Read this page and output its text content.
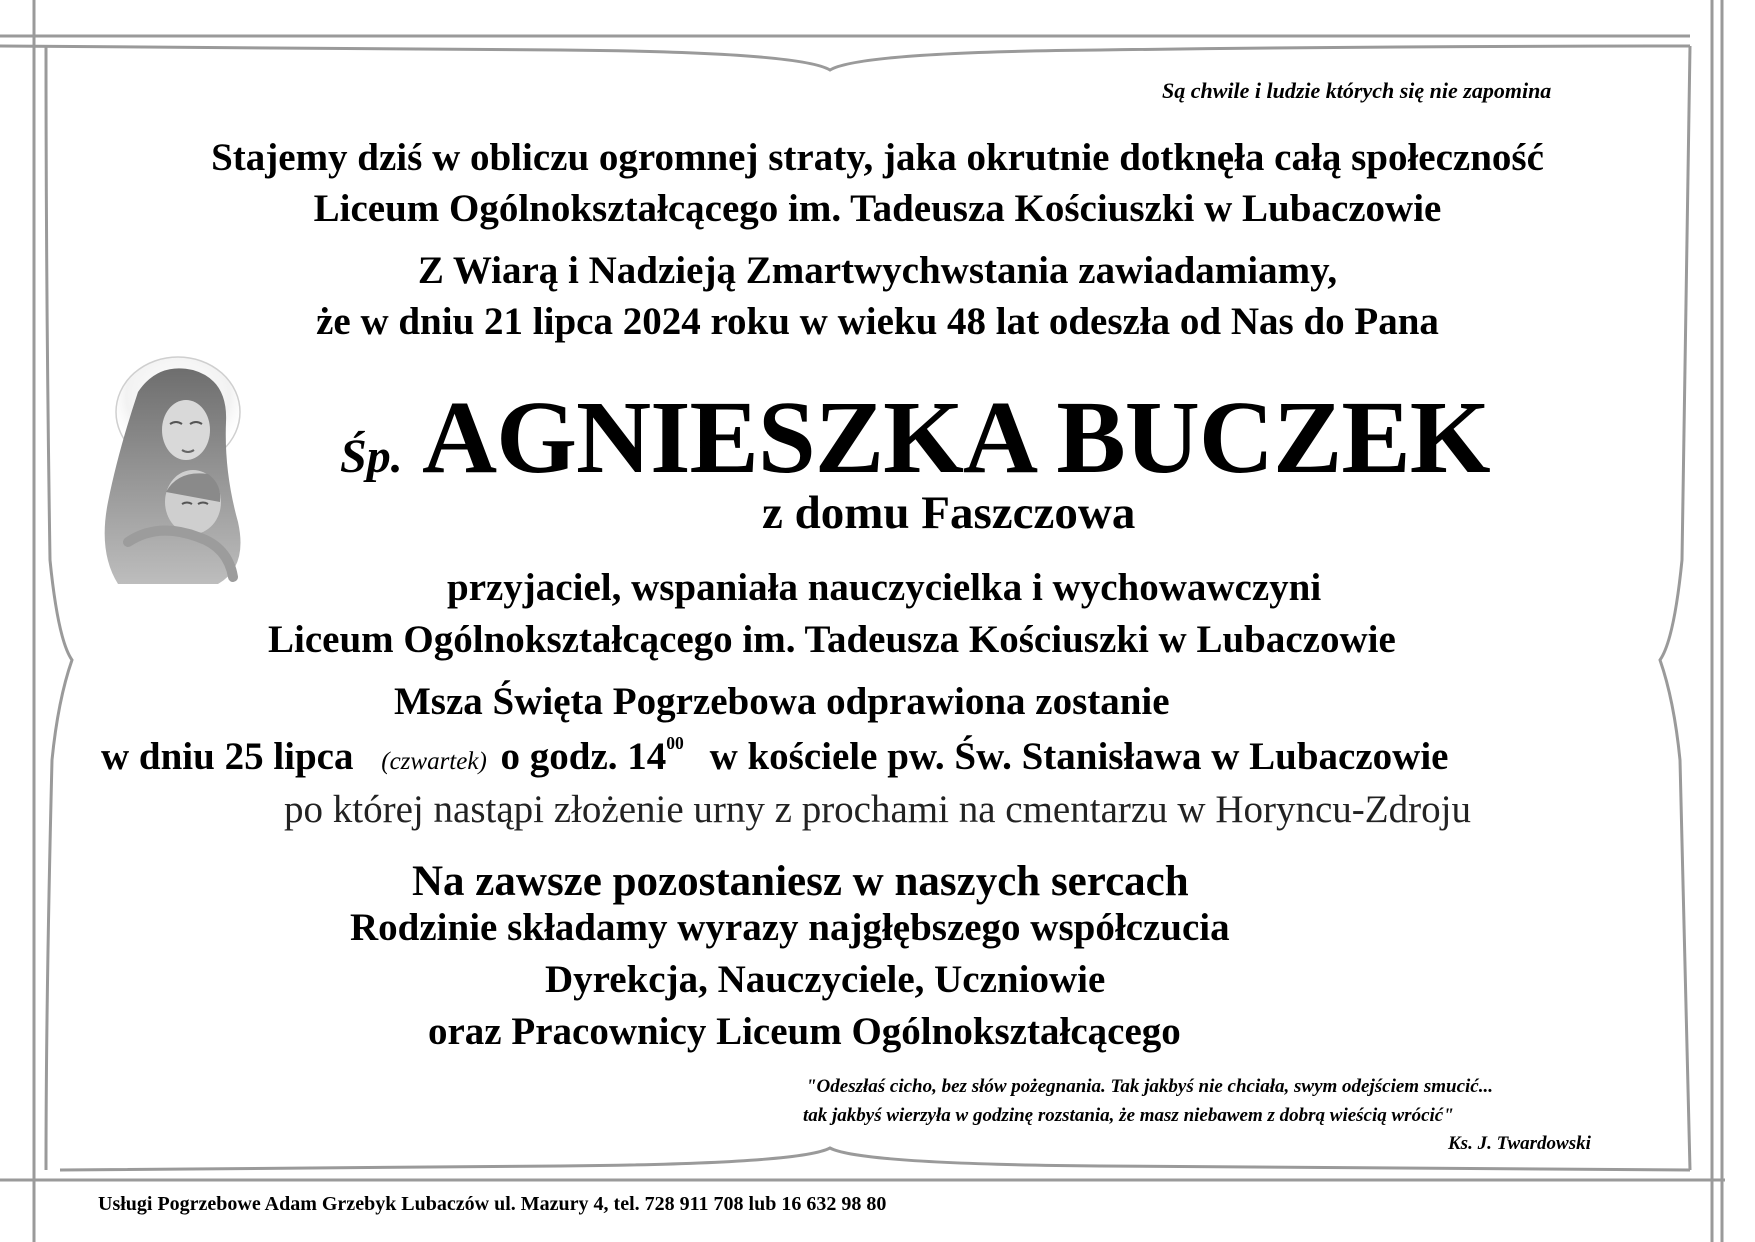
Są chwile i ludzie których się nie zapomina

Stajemy dziś w obliczu ogromnej straty, jaka okrutnie dotknęła całą społeczność

Liceum Ogólnokształcącego im. Tadeusza Kościuszki w Lubaczowie

Z Wiarą i Nadzieją Zmartwychwstania zawiadamiamy,

że w dniu 21 lipca 2024 roku w wieku 48 lat odeszła od Nas do Pana

Śp. AGNIESZKA BUCZEK

z domu Faszczowa

przyjaciel, wspaniała nauczycielka i wychowawczyni

Liceum Ogólnokształcącego im. Tadeusza Kościuszki w Lubaczowie

Msza Święta Pogrzebowa odprawiona zostanie

w dniu 25 lipca (czwartek) o godz. $14^{00}$ w kościele pw. Św. Stanisława w Lubaczowie

po której nastąpi złożenie urny z prochami na cmentarzu w Horyncu-Zdroju

Na zawsze pozostaniesz w naszych sercach

Rodzinie składamy wyrazy najgłębszego współczucia

Dyrekcja, Nauczyciele, Uczniowie

oraz Pracownicy Liceum Ogólnokształcącego

"Odeszłaś cicho, bez słów pożegnania. Tak jakbyś nie chciała, swym odejściem smucić...

tak jakbyś wierzyła w godzinę rozstania, że masz niebawem z dobrą wieścią wrócić"

Ks. J. Twardowski

Usługi Pogrzebowe Adam Grzebyk Lubaczów ul. Mazury 4, tel. 728 911 708 lub 16 632 98 80
